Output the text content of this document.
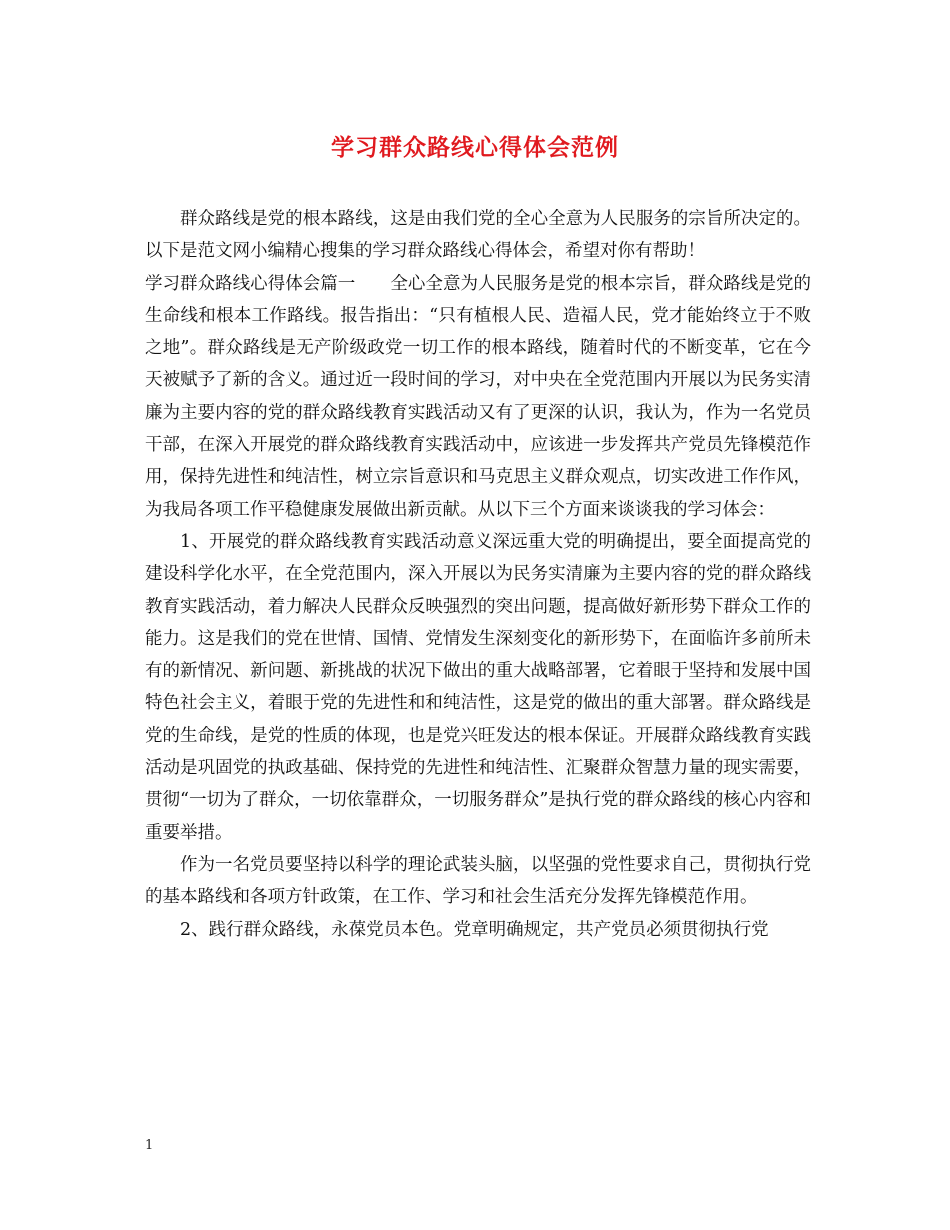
学习群众路线心得体会范例

群众路线是党的根本路线，这是由我们党的全心全意为人民服务的宗旨所决定的。以下是范文网小编精心搜集的学习群众路线心得体会，希望对你有帮助！

学习群众路线心得体会篇一　　全心全意为人民服务是党的根本宗旨，群众路线是党的生命线和根本工作路线。报告指出：“只有植根人民、造福人民，党才能始终立于不败之地”。群众路线是无产阶级政党一切工作的根本路线，随着时代的不断变革，它在今天被赋予了新的含义。通过近一段时间的学习，对中央在全党范围内开展以为民务实清廉为主要内容的党的群众路线教育实践活动又有了更深的认识，我认为，作为一名党员干部，在深入开展党的群众路线教育实践活动中，应该进一步发挥共产党员先锋模范作用，保持先进性和纯洁性，树立宗旨意识和马克思主义群众观点，切实改进工作作风，为我局各项工作平稳健康发展做出新贡献。从以下三个方面来谈谈我的学习体会：

1、开展党的群众路线教育实践活动意义深远重大党的明确提出，要全面提高党的建设科学化水平，在全党范围内，深入开展以为民务实清廉为主要内容的党的群众路线教育实践活动，着力解决人民群众反映强烈的突出问题，提高做好新形势下群众工作的能力。这是我们的党在世情、国情、党情发生深刻变化的新形势下，在面临许多前所未有的新情况、新问题、新挑战的状况下做出的重大战略部署，它着眼于坚持和发展中国特色社会主义，着眼于党的先进性和和纯洁性，这是党的做出的重大部署。群众路线是党的生命线，是党的性质的体现，也是党兴旺发达的根本保证。开展群众路线教育实践活动是巩固党的执政基础、保持党的先进性和纯洁性、汇聚群众智慧力量的现实需要，贯彻“一切为了群众，一切依靠群众，一切服务群众”是执行党的群众路线的核心内容和重要举措。

作为一名党员要坚持以科学的理论武装头脑，以坚强的党性要求自己，贯彻执行党的基本路线和各项方针政策，在工作、学习和社会生活充分发挥先锋模范作用。

2、践行群众路线，永葆党员本色。党章明确规定，共产党员必须贯彻执行党

1
